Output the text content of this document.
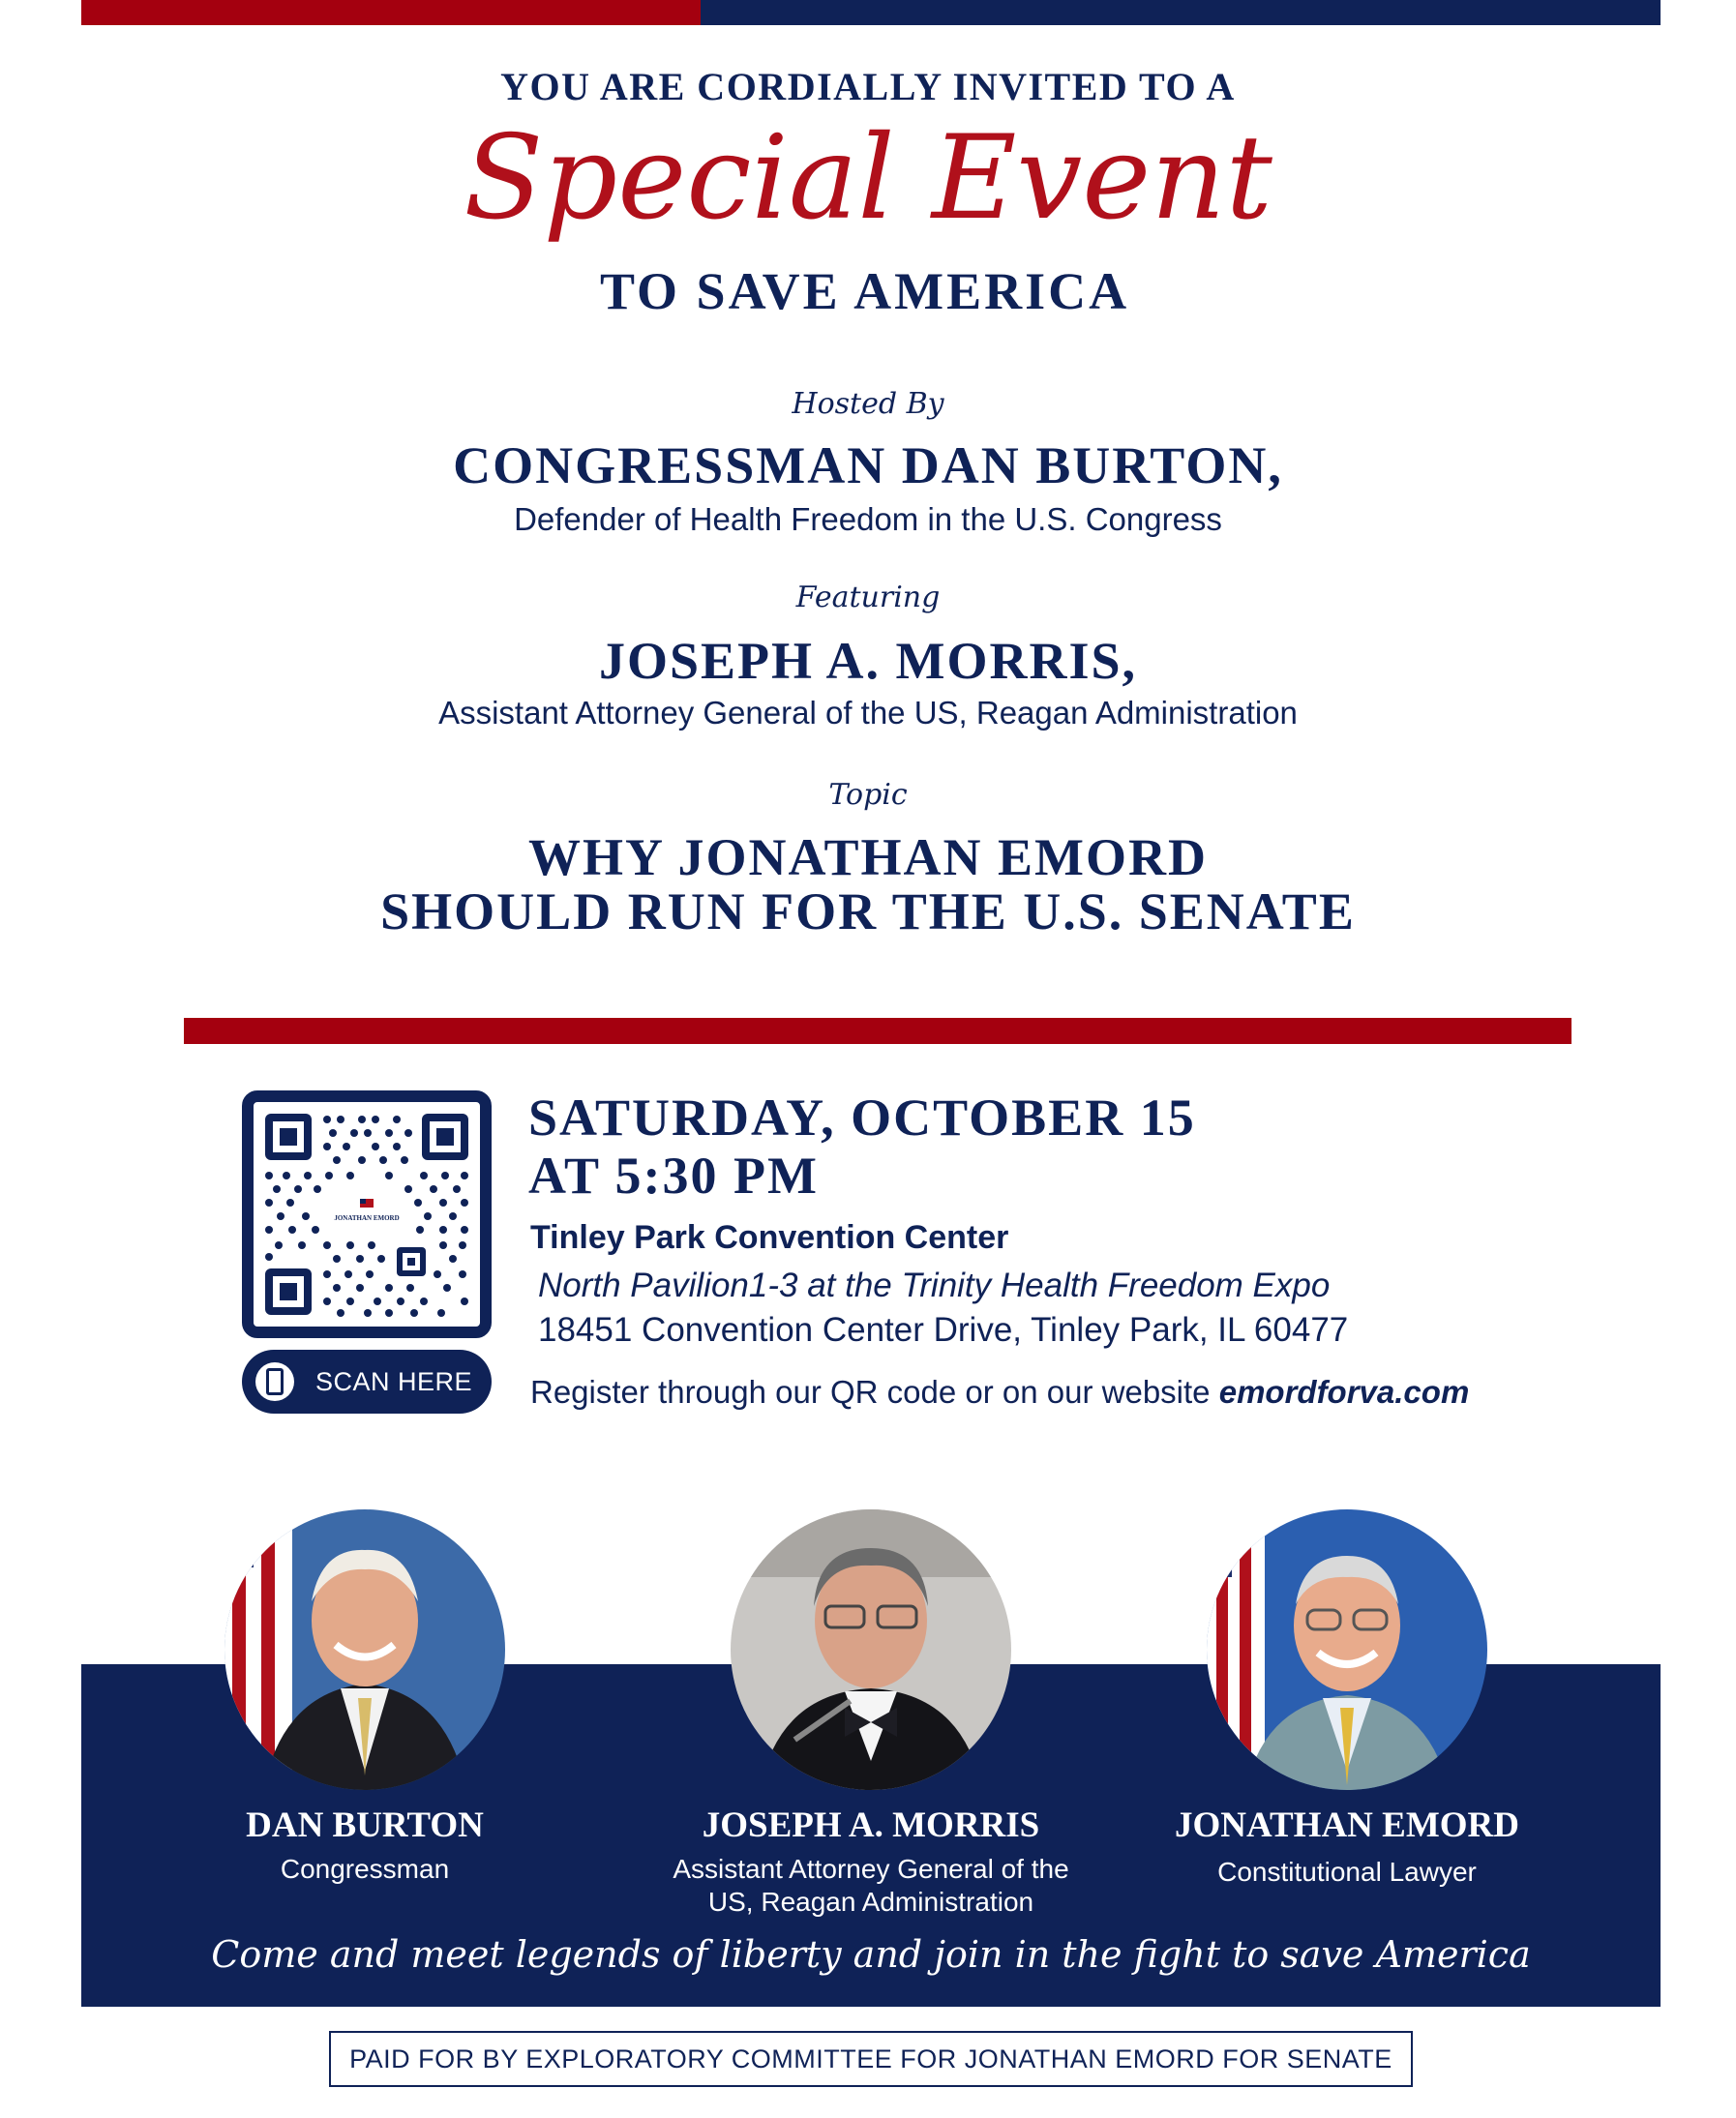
YOU ARE CORDIALLY INVITED TO A
Special Event
TO SAVE AMERICA
Hosted By
CONGRESSMAN DAN BURTON,
Defender of Health Freedom in the U.S. Congress
Featuring
JOSEPH A. MORRIS,
Assistant Attorney General of the US, Reagan Administration
Topic
WHY JONATHAN EMORD
SHOULD RUN FOR THE U.S. SENATE
JONATHAN EMORD
SCAN HERE
SATURDAY, OCTOBER 15
AT 5:30 PM
Tinley Park Convention Center
North Pavilion1-3 at the Trinity Health Freedom Expo
18451 Convention Center Drive, Tinley Park, IL 60477
Register through our QR code or on our website emordforva.com
DAN BURTON
Congressman
JOSEPH A. MORRIS
Assistant Attorney General of the US, Reagan Administration
JONATHAN EMORD
Constitutional Lawyer
Come and meet legends of liberty and join in the fight to save America
PAID FOR BY EXPLORATORY COMMITTEE FOR JONATHAN EMORD FOR SENATE
